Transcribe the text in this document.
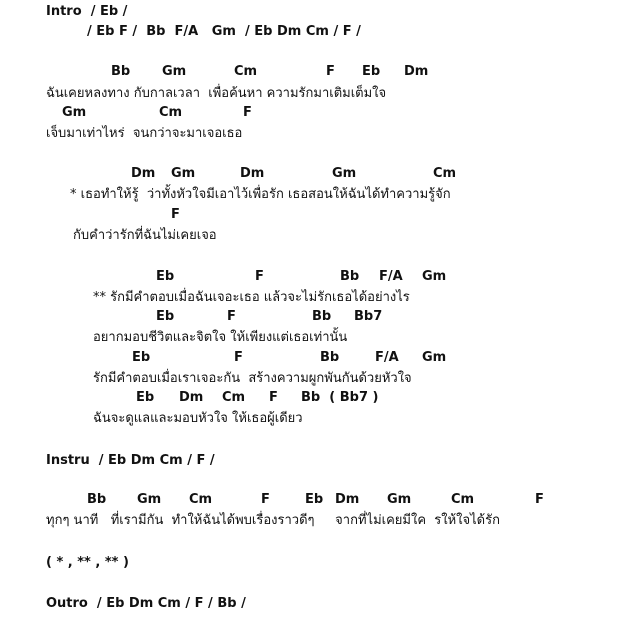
Intro  / Eb /
/ Eb F /  Bb  F/A   Gm  / Eb Dm Cm / F /
ฉันเคยหลงทาง กับกาลเวลา  เพื่อค้นหา ความรักมาเติมเต็มใจ
เจ็บมาเท่าไหร่  จนกว่าจะมาเจอเธอ
* เธอทำให้รู้  ว่าทั้งหัวใจมีเอาไว้เพื่อรัก เธอสอนให้ฉันได้ทำความรู้จัก
กับคำว่ารักที่ฉันไม่เคยเจอ
** รักมีคำตอบเมื่อฉันเจอะเธอ แล้วจะไม่รักเธอได้อย่างไร
อยากมอบชีวิตและจิตใจ ให้เพียงแต่เธอเท่านั้น
รักมีคำตอบเมื่อเราเจอะกัน  สร้างความผูกพันกันด้วยหัวใจ
ฉันจะดูแลและมอบหัวใจ ให้เธอผู้เดียว
Instru  / Eb Dm Cm / F /
ทุกๆ นาที   ที่เรามีกัน  ทำให้ฉันได้พบเรื่องราวดีๆ     จากที่ไม่เคยมีใค  รให้ใจได้รัก
( * , ** , ** )
Outro  / Eb Dm Cm / F / Bb /
Bb Gm	Cm	F Eb Dm
Gm	Cm	F
Dm Gm	Dm	Gm	Cm
F
Eb	F	Bb F/A Gm
Eb	F	Bb Bb7
Eb	F	Bb	F/A Gm
Eb Dm Cm F Bb  ( Bb7 )
Bb Gm Cm	F	Eb Dm Gm	Cm	F
